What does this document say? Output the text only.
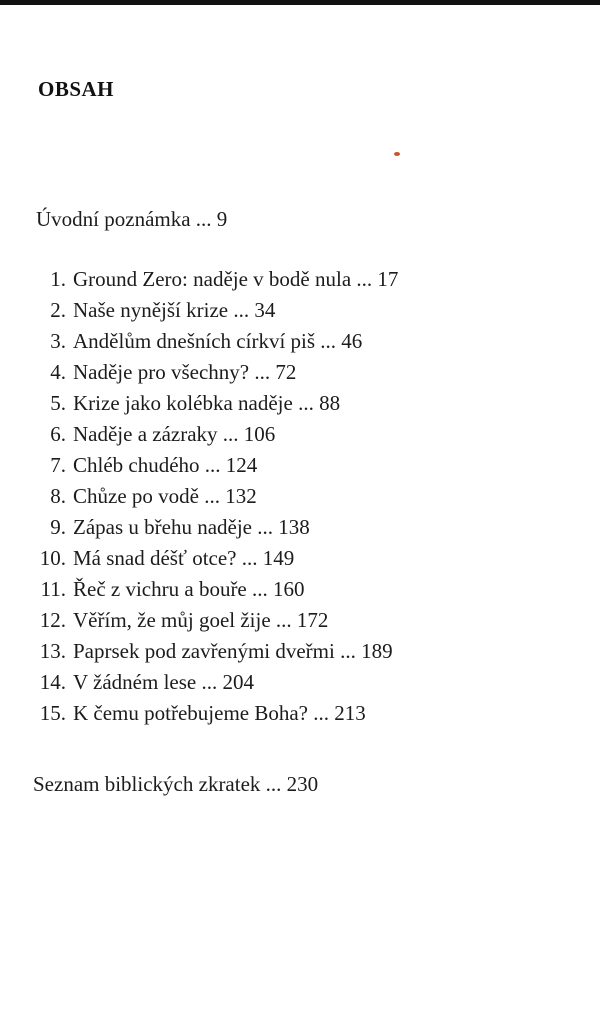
OBSAH
Úvodní poznámka ... 9
1. Ground Zero: naděje v bodě nula ... 17
2. Naše nynější krize ... 34
3. Andělům dnešních církví piš ... 46
4. Naděje pro všechny? ... 72
5. Krize jako kolébka naděje ... 88
6. Naděje a zázraky ... 106
7. Chléb chudého ... 124
8. Chůze po vodě ... 132
9. Zápas u břehu naděje ... 138
10. Má snad déšť otce? ... 149
11. Řeč z vichru a bouře ... 160
12. Věřím, že můj goel žije ... 172
13. Paprsek pod zavřenými dveřmi ... 189
14. V žádném lese ... 204
15. K čemu potřebujeme Boha? ... 213
Seznam biblických zkratek ... 230
